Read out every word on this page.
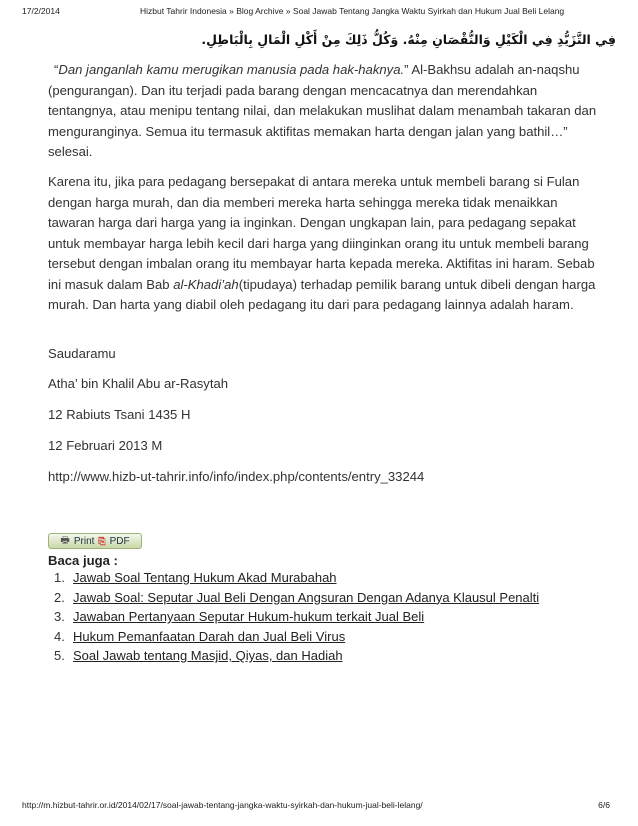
17/2/2014	Hizbut Tahrir Indonesia » Blog Archive » Soal Jawab Tentang Jangka Waktu Syirkah dan Hukum Jual Beli Lelang
فِي التَّزَيُّدِ فِي الْكَيْلِ وَالنُّقْصَانِ مِنْهُ. وَكُلُّ ذَلِكَ مِنْ أَكْلِ الْمَالِ بِالْبَاطِلِ.

“Dan janganlah kamu merugikan manusia pada hak-haknya.” Al-Bakhsu adalah an-naqshu
(pengurangan). Dan itu terjadi pada barang dengan mencacatnya dan merendahkan
tentangnya, atau menipu tentang nilai, dan melakukan muslihat dalam menambah takaran dan
menguranginya. Semua itu termasuk aktifitas memakan harta dengan jalan yang bathil…”
selesai.

Karena itu, jika para pedagang bersepakat di antara mereka untuk membeli barang si Fulan
dengan harga murah, dan dia memberi mereka harta sehingga mereka tidak menaikkan
tawaran harga dari harga yang ia inginkan. Dengan ungkapan lain, para pedagang sepakat
untuk membayar harga lebih kecil dari harga yang diinginkan orang itu untuk membeli barang
tersebut dengan imbalan orang itu membayar harta kepada mereka. Aktifitas ini haram. Sebab
ini masuk dalam Bab al-Khadi’ah(tipudaya) terhadap pemilik barang untuk dibeli dengan harga
murah. Dan harta yang diabil oleh pedagang itu dari para pedagang lainnya adalah haram.

Saudaramu
Atha’ bin Khalil Abu ar-Rasytah
12 Rabiuts Tsani 1435 H
12 Februari 2013 M
http://www.hizb-ut-tahrir.info/info/index.php/contents/entry_33244
🖶 Print ⎘ PDF
Baca juga :
1. Jawab Soal Tentang Hukum Akad Murabahah
2. Jawab Soal: Seputar Jual Beli Dengan Angsuran Dengan Adanya Klausul Penalti
3. Jawaban Pertanyaan Seputar Hukum-hukum terkait Jual Beli
4. Hukum Pemanfaatan Darah dan Jual Beli Virus
5. Soal Jawab tentang Masjid, Qiyas, dan Hadiah
http://m.hizbut-tahrir.or.id/2014/02/17/soal-jawab-tentang-jangka-waktu-syirkah-dan-hukum-jual-beli-lelang/	6/6
